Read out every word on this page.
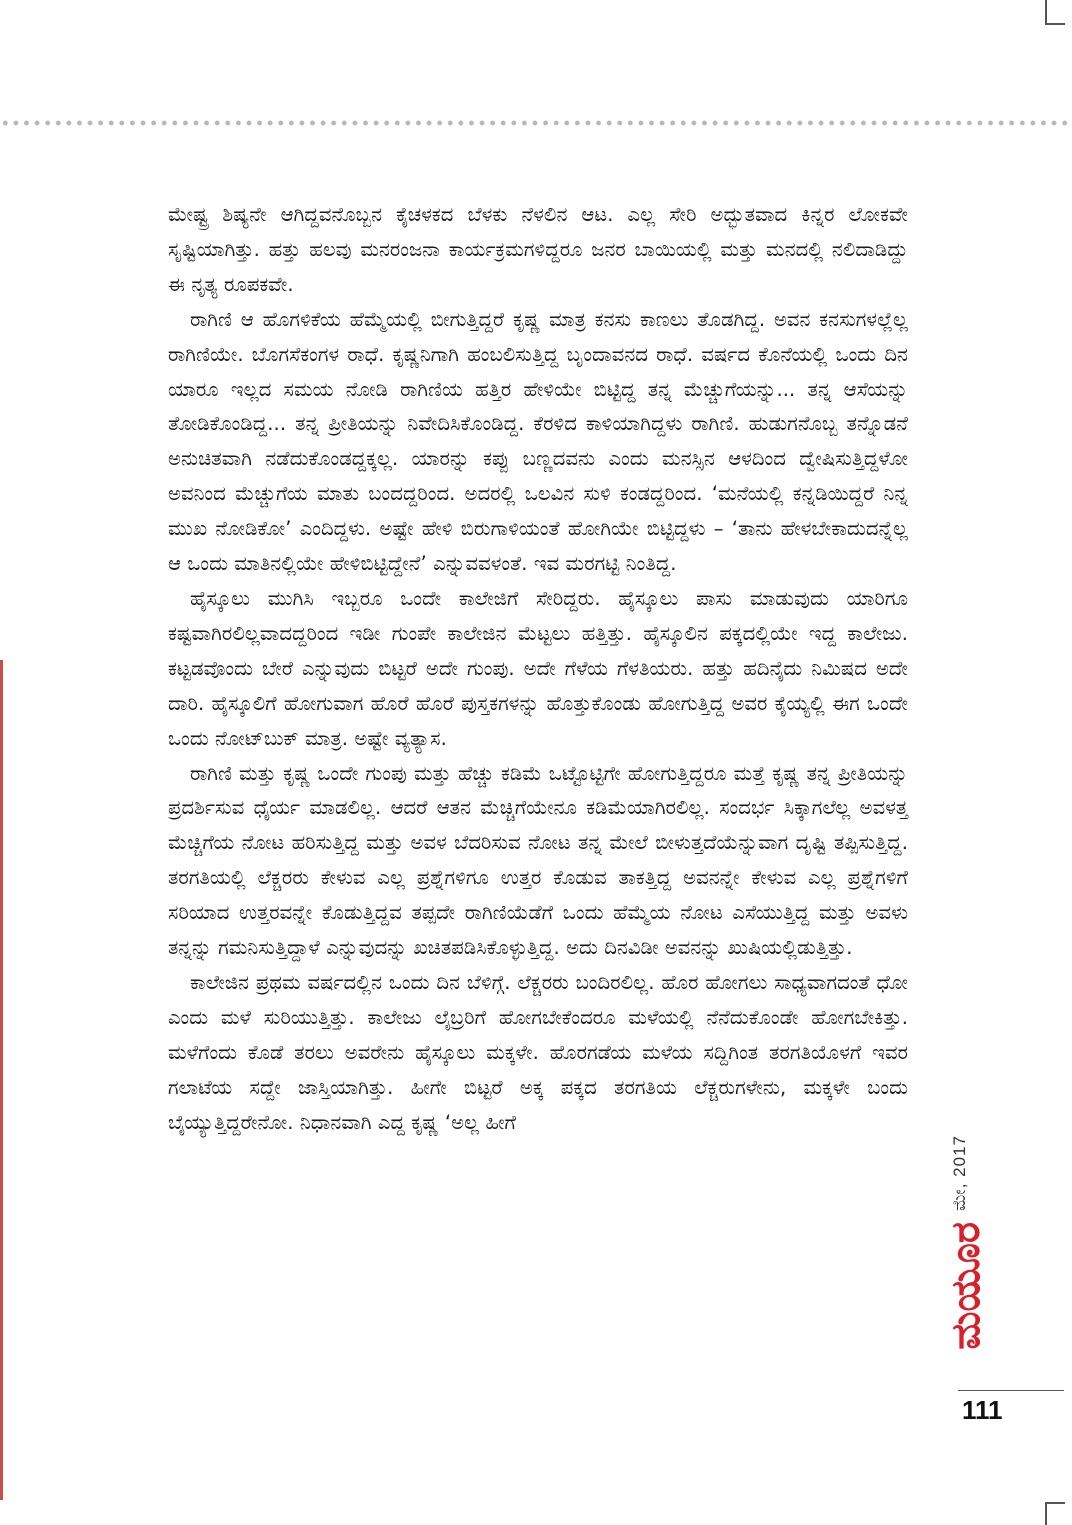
ಮೇಷ್ಟ್ರ ಶಿಷ್ಯನೇ ಆಗಿದ್ದವನೊಬ್ಬನ ಕೈಚಳಕದ ಬೆಳಕು ನೆಳಲಿನ ಆಟ. ಎಲ್ಲ ಸೇರಿ ಅದ್ಭುತವಾದ ಕಿನ್ನರ ಲೋಕವೇ ಸೃಷ್ಟಿಯಾಗಿತ್ತು. ಹತ್ತು ಹಲವು ಮನರಂಜನಾ ಕಾರ್ಯಕ್ರಮಗಳಿದ್ದರೂ ಜನರ ಬಾಯಿಯಲ್ಲಿ ಮತ್ತು ಮನದಲ್ಲಿ ನಲಿದಾಡಿದ್ದು ಈ ನೃತ್ಯ ರೂಪಕವೇ.

ರಾಗಿಣಿ ಆ ಹೊಗಳಿಕೆಯ ಹೆಮ್ಮೆಯಲ್ಲಿ ಬೀಗುತ್ತಿದ್ದರೆ ಕೃಷ್ಣ ಮಾತ್ರ ಕನಸು ಕಾಣಲು ತೊಡಗಿದ್ದ. ಅವನ ಕನಸುಗಳಲ್ಲೆಲ್ಲ ರಾಗಿಣಿಯೇ. ಬೊಗಸೆಕಂಗಳ ರಾಧೆ. ಕೃಷ್ಣನಿಗಾಗಿ ಹಂಬಲಿಸುತ್ತಿದ್ದ ಬೃಂದಾವನದ ರಾಧೆ. ವರ್ಷದ ಕೊನೆಯಲ್ಲಿ ಒಂದು ದಿನ ಯಾರೂ ಇಲ್ಲದ ಸಮಯ ನೋಡಿ ರಾಗಿಣಿಯ ಹತ್ತಿರ ಹೇಳಿಯೇ ಬಿಟ್ಟಿದ್ದ ತನ್ನ ಮೆಚ್ಚುಗೆಯನ್ನು... ತನ್ನ ಆಸೆಯನ್ನು ತೋಡಿಕೊಂಡಿದ್ದ... ತನ್ನ ಪ್ರೀತಿಯನ್ನು ನಿವೇದಿಸಿಕೊಂಡಿದ್ದ. ಕೆರಳಿದ ಕಾಳಿಯಾಗಿದ್ದಳು ರಾಗಿಣಿ. ಹುಡುಗನೊಬ್ಬ ತನ್ನೊಡನೆ ಅನುಚಿತವಾಗಿ ನಡೆದುಕೊಂಡದ್ದಕ್ಕಲ್ಲ. ಯಾರನ್ನು ಕಪ್ಪು ಬಣ್ಣದವನು ಎಂದು ಮನಸ್ಸಿನ ಆಳದಿಂದ ದ್ವೇಷಿಸುತ್ತಿದ್ದಳೋ ಅವನಿಂದ ಮೆಚ್ಚುಗೆಯ ಮಾತು ಬಂದದ್ದರಿಂದ. ಅದರಲ್ಲಿ ಒಲವಿನ ಸುಳಿ ಕಂಡದ್ದರಿಂದ. ‘ಮನೆಯಲ್ಲಿ ಕನ್ನಡಿಯಿದ್ದರೆ ನಿನ್ನ ಮುಖ ನೋಡಿಕೋ’ ಎಂದಿದ್ದಳು. ಅಷ್ಟೇ ಹೇಳಿ ಬಿರುಗಾಳಿಯಂತೆ ಹೋಗಿಯೇ ಬಿಟ್ಟಿದ್ದಳು – ‘ತಾನು ಹೇಳಬೇಕಾದುದನ್ನೆಲ್ಲ ಆ ಒಂದು ಮಾತಿನಲ್ಲಿಯೇ ಹೇಳಿಬಿಟ್ಟಿದ್ದೇನೆ’ ಎನ್ನುವವಳಂತೆ. ಇವ ಮರಗಟ್ಟಿ ನಿಂತಿದ್ದ.

ಹೈಸ್ಕೂಲು ಮುಗಿಸಿ ಇಬ್ಬರೂ ಒಂದೇ ಕಾಲೇಜಿಗೆ ಸೇರಿದ್ದರು. ಹೈಸ್ಕೂಲು ಪಾಸು ಮಾಡುವುದು ಯಾರಿಗೂ ಕಷ್ಟವಾಗಿರಲಿಲ್ಲವಾದದ್ದರಿಂದ ಇಡೀ ಗುಂಪೇ ಕಾಲೇಜಿನ ಮೆಟ್ಟಲು ಹತ್ತಿತ್ತು. ಹೈಸ್ಕೂಲಿನ ಪಕ್ಕದಲ್ಲಿಯೇ ಇದ್ದ ಕಾಲೇಜು. ಕಟ್ಟಡವೊಂದು ಬೇರೆ ಎನ್ನುವುದು ಬಿಟ್ಟರೆ ಅದೇ ಗುಂಪು. ಅದೇ ಗೆಳೆಯ ಗೆಳತಿಯರು. ಹತ್ತು ಹದಿನೈದು ನಿಮಿಷದ ಅದೇ ದಾರಿ. ಹೈಸ್ಕೂಲಿಗೆ ಹೋಗುವಾಗ ಹೊರೆ ಹೊರೆ ಪುಸ್ತಕಗಳನ್ನು ಹೊತ್ತುಕೊಂಡು ಹೋಗುತ್ತಿದ್ದ ಅವರ ಕೈಯ್ಯಲ್ಲಿ ಈಗ ಒಂದೇ ಒಂದು ನೋಟ್‌ಬುಕ್ ಮಾತ್ರ. ಅಷ್ಟೇ ವ್ಯತ್ಯಾಸ.

ರಾಗಿಣಿ ಮತ್ತು ಕೃಷ್ಣ ಒಂದೇ ಗುಂಪು ಮತ್ತು ಹೆಚ್ಚು ಕಡಿಮೆ ಒಟ್ಟೊಟ್ಟಿಗೇ ಹೋಗುತ್ತಿದ್ದರೂ ಮತ್ತೆ ಕೃಷ್ಣ ತನ್ನ ಪ್ರೀತಿಯನ್ನು ಪ್ರದರ್ಶಿಸುವ ಧೈರ್ಯ ಮಾಡಲಿಲ್ಲ. ಆದರೆ ಆತನ ಮೆಚ್ಚಿಗೆಯೇನೂ ಕಡಿಮೆಯಾಗಿರಲಿಲ್ಲ. ಸಂದರ್ಭ ಸಿಕ್ಕಾಗಲೆಲ್ಲ ಅವಳತ್ತ ಮೆಚ್ಚಿಗೆಯ ನೋಟ ಹರಿಸುತ್ತಿದ್ದ ಮತ್ತು ಅವಳ ಬೆದರಿಸುವ ನೋಟ ತನ್ನ ಮೇಲೆ ಬೀಳುತ್ತದೆಯೆನ್ನುವಾಗ ದೃಷ್ಟಿ ತಪ್ಪಿಸುತ್ತಿದ್ದ. ತರಗತಿಯಲ್ಲಿ ಲೆಕ್ಚರರು ಕೇಳುವ ಎಲ್ಲ ಪ್ರಶ್ನೆಗಳಿಗೂ ಉತ್ತರ ಕೊಡುವ ತಾಕತ್ತಿದ್ದ ಅವನನ್ನೇ ಕೇಳುವ ಎಲ್ಲ ಪ್ರಶ್ನೆಗಳಿಗೆ ಸರಿಯಾದ ಉತ್ತರವನ್ನೇ ಕೊಡುತ್ತಿದ್ದವ ತಪ್ಪದೇ ರಾಗಿಣಿಯೆಡೆಗೆ ಒಂದು ಹೆಮ್ಮೆಯ ನೋಟ ಎಸೆಯುತ್ತಿದ್ದ ಮತ್ತು ಅವಳು ತನ್ನನ್ನು ಗಮನಿಸುತ್ತಿದ್ದಾಳೆ ಎನ್ನುವುದನ್ನು ಖಚಿತಪಡಿಸಿಕೊಳ್ಳುತ್ತಿದ್ದ. ಅದು ದಿನವಿಡೀ ಅವನನ್ನು ಖುಷಿಯಲ್ಲಿಡುತ್ತಿತ್ತು.

ಕಾಲೇಜಿನ ಪ್ರಥಮ ವರ್ಷದಲ್ಲಿನ ಒಂದು ದಿನ ಬೆಳಿಗ್ಗೆ. ಲೆಕ್ಚರರು ಬಂದಿರಲಿಲ್ಲ. ಹೊರ ಹೋಗಲು ಸಾಧ್ಯವಾಗದಂತೆ ಧೋ ಎಂದು ಮಳೆ ಸುರಿಯುತ್ತಿತ್ತು. ಕಾಲೇಜು ಲೈಬ್ರರಿಗೆ ಹೋಗಬೇಕೆಂದರೂ ಮಳೆಯಲ್ಲಿ ನೆನೆದುಕೊಂಡೇ ಹೋಗಬೇಕಿತ್ತು. ಮಳೆಗೆಂದು ಕೊಡೆ ತರಲು ಅವರೇನು ಹೈಸ್ಕೂಲು ಮಕ್ಕಳೇ. ಹೊರಗಡೆಯ ಮಳೆಯ ಸದ್ದಿಗಿಂತ ತರಗತಿಯೊಳಗೆ ಇವರ ಗಲಾಟೆಯ ಸದ್ದೇ ಜಾಸ್ತಿಯಾಗಿತ್ತು. ಹೀಗೇ ಬಿಟ್ಟರೆ ಅಕ್ಕ ಪಕ್ಕದ ತರಗತಿಯ ಲೆಕ್ಚರುಗಳೇನು, ಮಕ್ಕಳೇ ಬಂದು ಬೈಯ್ಯುತ್ತಿದ್ದರೇನೋ. ನಿಧಾನವಾಗಿ ಎದ್ದ ಕೃಷ್ಣ ‘ಅಲ್ಲ ಹೀಗೆ

ಮೇ, 2017
ಮಯೂರ
111
